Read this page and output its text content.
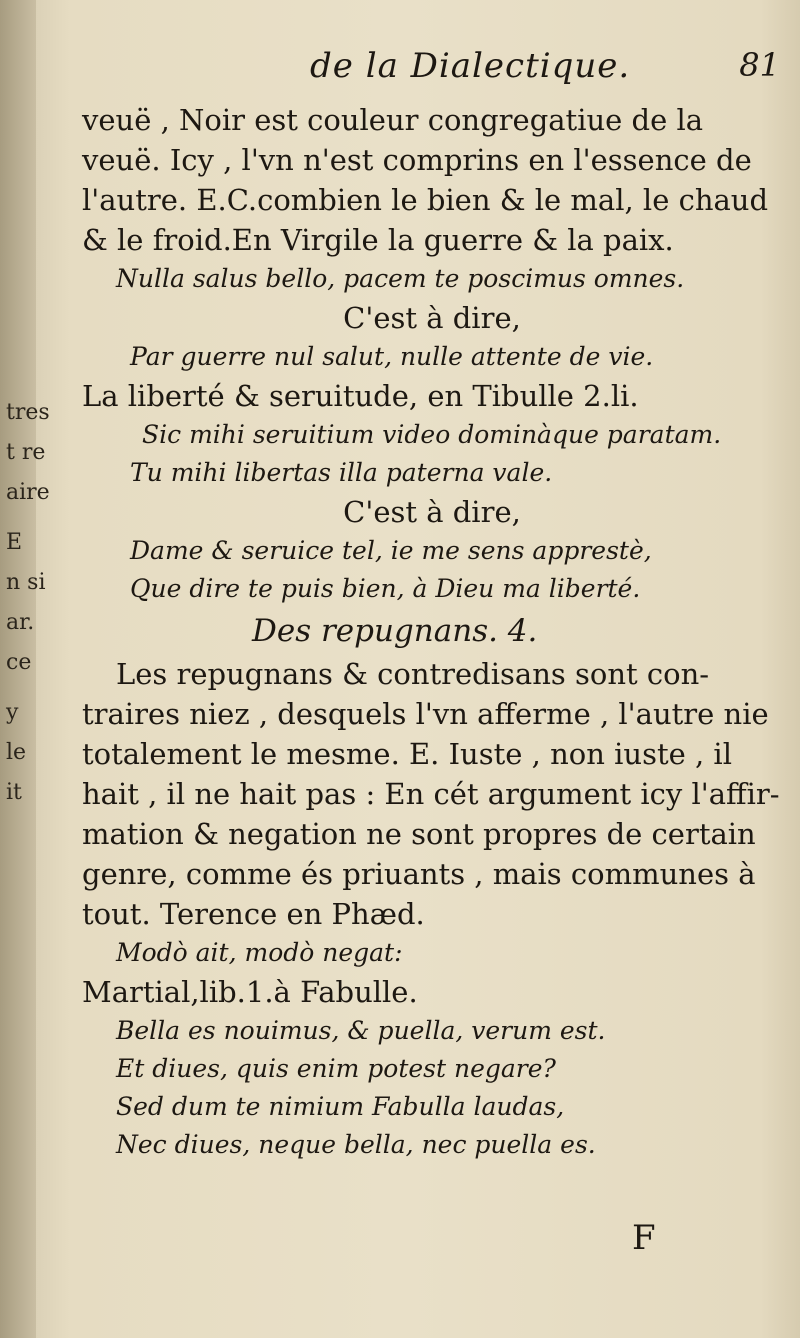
tres
t re
aire
E
n si
ar.
ce
y
le
it
de la Dialectique.	81
veuë , Noir est couleur congregatiue de la
veuë. Icy , l'vn n'est comprins en l'essence de
l'autre. E.C.combien le bien & le mal, le chaud
& le froid.En Virgile la guerre & la paix.
Nulla salus bello, pacem te poscimus omnes.
C'est à dire,
Par guerre nul salut, nulle attente de vie.
La liberté & seruitude, en Tibulle 2.li.
Sic mihi seruitium video dominàque paratam.
Tu mihi libertas illa paterna vale.
C'est à dire,
Dame & seruice tel, ie me sens apprestè,
Que dire te puis bien, à Dieu ma liberté.
Des repugnans. 4.
Les repugnans & contredisans sont con-
traires niez , desquels l'vn afferme , l'autre nie
totalement le mesme. E. Iuste , non iuste , il
hait , il ne hait pas : En cét argument icy l'affir-
mation & negation ne sont propres de certain
genre, comme és priuants , mais communes à
tout. Terence en Phæd.
Modò ait, modò negat:
Martial,lib.1.à Fabulle.
Bella es nouimus, & puella, verum est.
Et diues, quis enim potest negare?
Sed dum te nimium Fabulla laudas,
Nec diues, neque bella, nec puella es.
F
